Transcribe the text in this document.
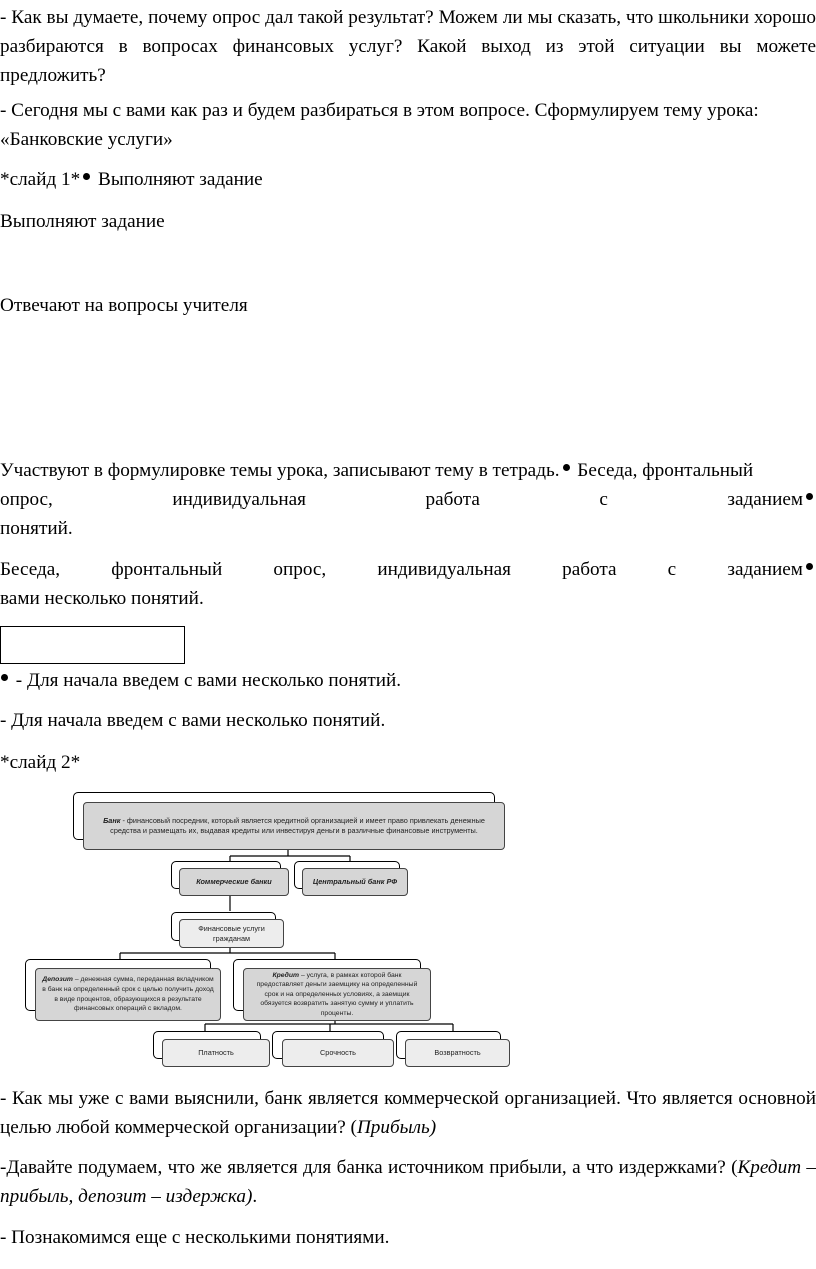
- Как вы думаете, почему опрос дал такой результат? Можем ли мы сказать, что школьники хорошо разбираются в вопросах финансовых услуг? Какой выход из этой ситуации вы можете предложить?

- Сегодня мы с вами как раз и будем разбираться в этом вопросе. Сформулируем тему урока: «Банковские услуги»

*слайд 1* Выполняют задание

Выполняют задание

Отвечают на вопросы учителя

Участвуют в формулировке темы урока, записывают тему в тетрадь. Беседа, фронтальный
опрос,	индивидуальная	работа	с	заданием
понятий.
Беседа,	фронтальный	опрос,	индивидуальная	работа	с	заданием
вами несколько понятий.

- Для начала введем с вами несколько понятий.

- Для начала введем с вами несколько понятий.

*слайд 2*

Банк - финансовый посредник, который является кредитной организацией и имеет право привлекать денежные средства и размещать их, выдавая кредиты или инвестируя деньги в различные финансовые инструменты.
Коммерческие банки	Центральный банк РФ
Финансовые услуги
гражданам
Депозит – денежная сумма, переданная вкладчиком в банк на определенный срок с целью получить доход в виде процентов, образующихся в результате финансовых операций с вкладом.
Кредит – услуга, в рамках которой банк предоставляет деньги заемщику на определенный срок и на определенных условиях, а заемщик обязуется возвратить занятую сумму и уплатить проценты.
Платность	Срочность	Возвратность

- Как мы уже с вами выяснили, банк является коммерческой организацией. Что является основной целью любой коммерческой организации? (Прибыль)

-Давайте подумаем, что же является для банка источником прибыли, а что издержками? (Кредит – прибыль, депозит – издержка).

- Познакомимся еще с несколькими понятиями.
